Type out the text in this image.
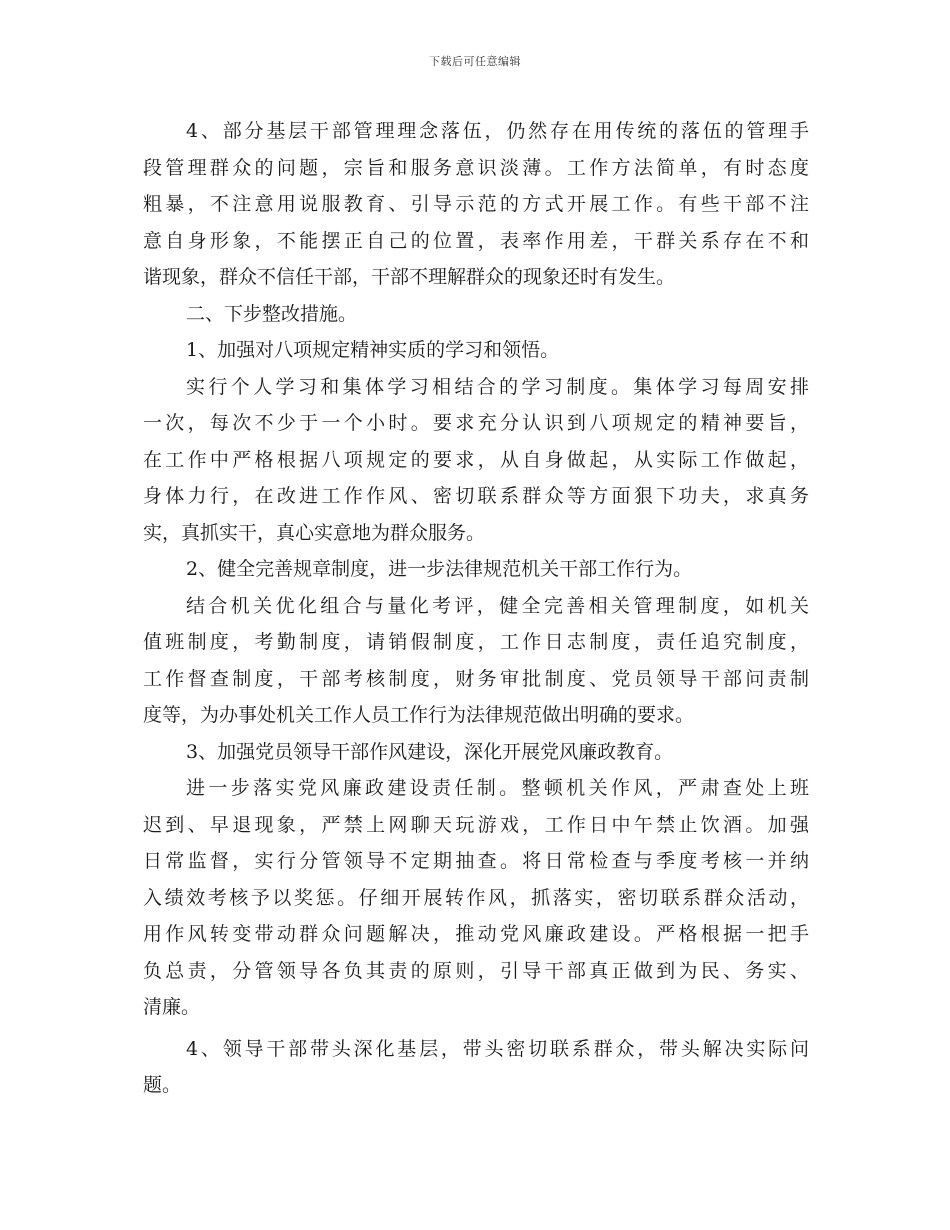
下载后可任意编辑
4、部分基层干部管理理念落伍，仍然存在用传统的落伍的管理手
段管理群众的问题，宗旨和服务意识淡薄。工作方法简单，有时态度
粗暴，不注意用说服教育、引导示范的方式开展工作。有些干部不注
意自身形象，不能摆正自己的位置，表率作用差，干群关系存在不和
谐现象，群众不信任干部，干部不理解群众的现象还时有发生。
二、下步整改措施。
1、加强对八项规定精神实质的学习和领悟。
实行个人学习和集体学习相结合的学习制度。集体学习每周安排
一次，每次不少于一个小时。要求充分认识到八项规定的精神要旨，
在工作中严格根据八项规定的要求，从自身做起，从实际工作做起，
身体力行，在改进工作作风、密切联系群众等方面狠下功夫，求真务
实，真抓实干，真心实意地为群众服务。
2、健全完善规章制度，进一步法律规范机关干部工作行为。
结合机关优化组合与量化考评，健全完善相关管理制度，如机关
值班制度，考勤制度，请销假制度，工作日志制度，责任追究制度，
工作督查制度，干部考核制度，财务审批制度、党员领导干部问责制
度等，为办事处机关工作人员工作行为法律规范做出明确的要求。
3、加强党员领导干部作风建设，深化开展党风廉政教育。
进一步落实党风廉政建设责任制。整顿机关作风，严肃查处上班
迟到、早退现象，严禁上网聊天玩游戏，工作日中午禁止饮酒。加强
日常监督，实行分管领导不定期抽查。将日常检查与季度考核一并纳
入绩效考核予以奖惩。仔细开展转作风，抓落实，密切联系群众活动，
用作风转变带动群众问题解决，推动党风廉政建设。严格根据一把手
负总责，分管领导各负其责的原则，引导干部真正做到为民、务实、
清廉。
4、领导干部带头深化基层，带头密切联系群众，带头解决实际问
题。
